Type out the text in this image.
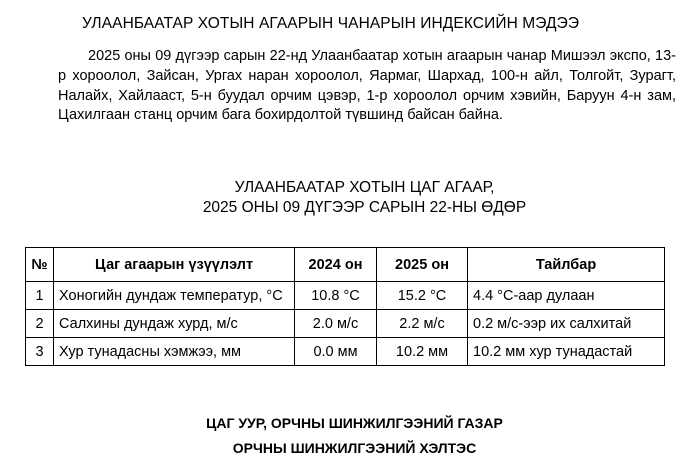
УЛААНБААТАР ХОТЫН АГААРЫН ЧАНАРЫН ИНДЕКСИЙН МЭДЭЭ

2025 оны 09 дүгээр сарын 22-нд Улаанбаатар хотын агаарын чанар Мишээл экспо, 13-р хороолол, Зайсан, Ургах наран хороолол, Яармаг, Шархад, 100-н айл, Толгойт, Зурагт, Налайх, Хайлааст, 5-н буудал орчим цэвэр, 1-р хороолол орчим хэвийн, Баруун 4-н зам, Цахилгаан станц орчим бага бохирдолтой түвшинд байсан байна.

УЛААНБААТАР ХОТЫН ЦАГ АГААР,
2025 ОНЫ 09 ДҮГЭЭР САРЫН 22-НЫ ӨДӨР
№	Цаг агаарын үзүүлэлт	2024 он	2025 он	Тайлбар
1	Хоногийн дундаж температур, °С	10.8 °С	15.2 °С	4.4 °С-аар дулаан
2	Салхины дундаж хурд, м/с	2.0 м/с	2.2 м/с	0.2 м/с-ээр их салхитай
3	Хур тунадасны хэмжээ, мм	0.0 мм	10.2 мм	10.2 мм хур тунадастай
ЦАГ УУР, ОРЧНЫ ШИНЖИЛГЭЭНИЙ ГАЗАР
ОРЧНЫ ШИНЖИЛГЭЭНИЙ ХЭЛТЭС
